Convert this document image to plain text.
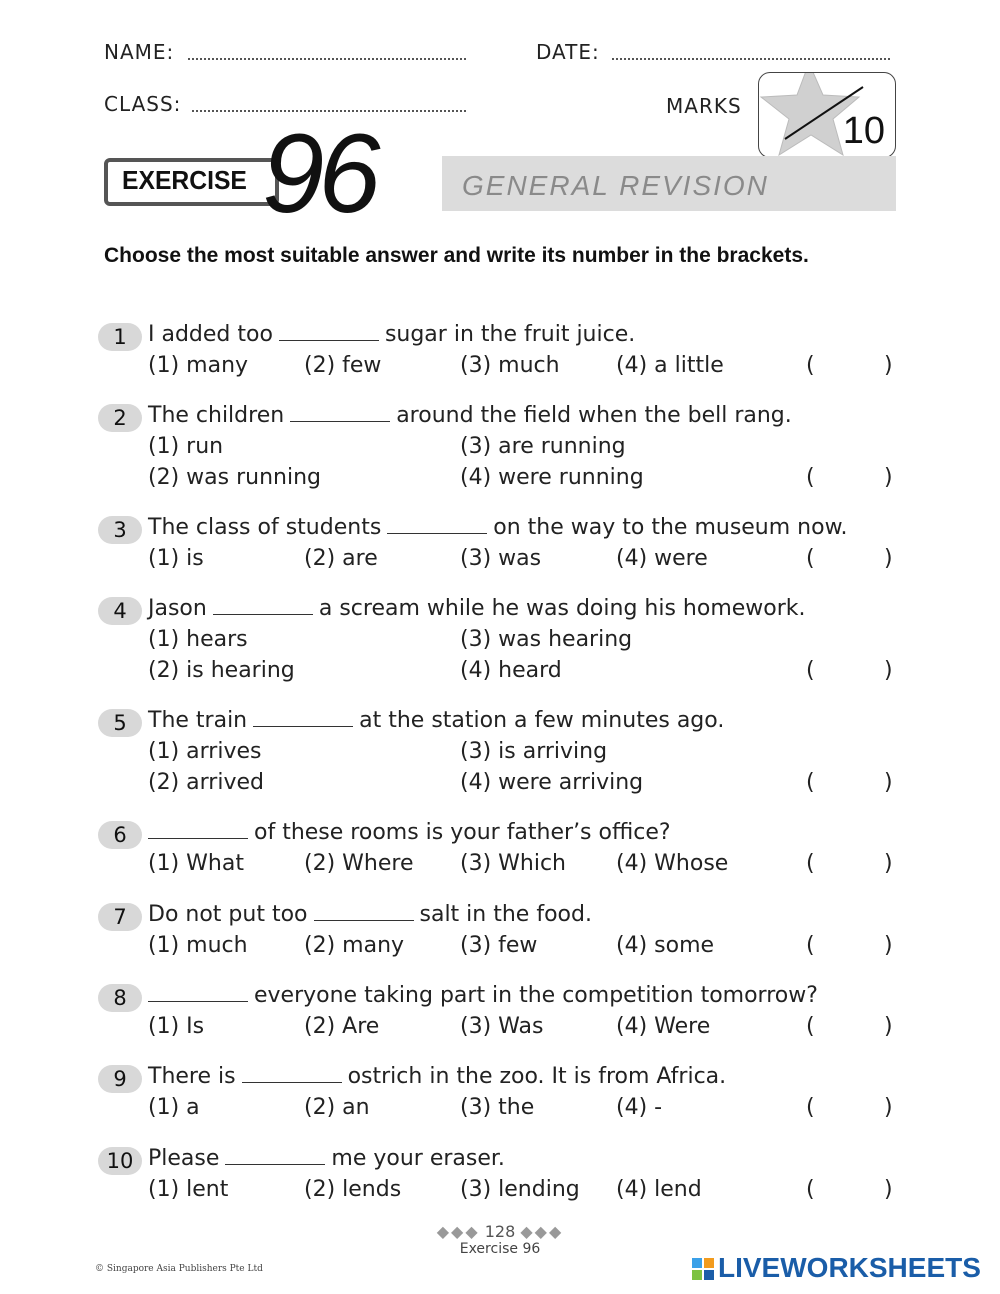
NAME:	DATE:
CLASS:	MARKS
10
EXERCISE 96	GENERAL REVISION
Choose the most suitable answer and write its number in the brackets.
1 I added too	sugar in the fruit juice.
(1) many	(2) few	(3) much	(4) a little	(	)
2 The children	around the field when the bell rang.
(1) run	(3) are running
(2) was running	(4) were running	(	)
3 The class of students	on the way to the museum now.
(1) is	(2) are	(3) was	(4) were	(	)
4 Jason	a scream while he was doing his homework.
(1) hears	(3) was hearing
(2) is hearing	(4) heard	(	)
5 The train	at the station a few minutes ago.
(1) arrives	(3) is arriving
(2) arrived	(4) were arriving	(	)
6	of these rooms is your father’s office?
(1) What	(2) Where (3) Which (4) Whose	(	)
7 Do not put too	salt in the food.
(1) much	(2) many	(3) few	(4) some	(	)
8	everyone taking part in the competition tomorrow?
(1) Is	(2) Are	(3) Was	(4) Were	(	)
9 There is	ostrich in the zoo. It is from Africa.
(1) a	(2) an	(3) the	(4) -	(	)
10 Please	me your eraser.
(1) lent	(2) lends	(3) lending (4) lend	(	)
◆◆◆ 128 ◆◆◆
Exercise 96
© Singapore Asia Publishers Pte Ltd	LIVEWORKSHEETS
